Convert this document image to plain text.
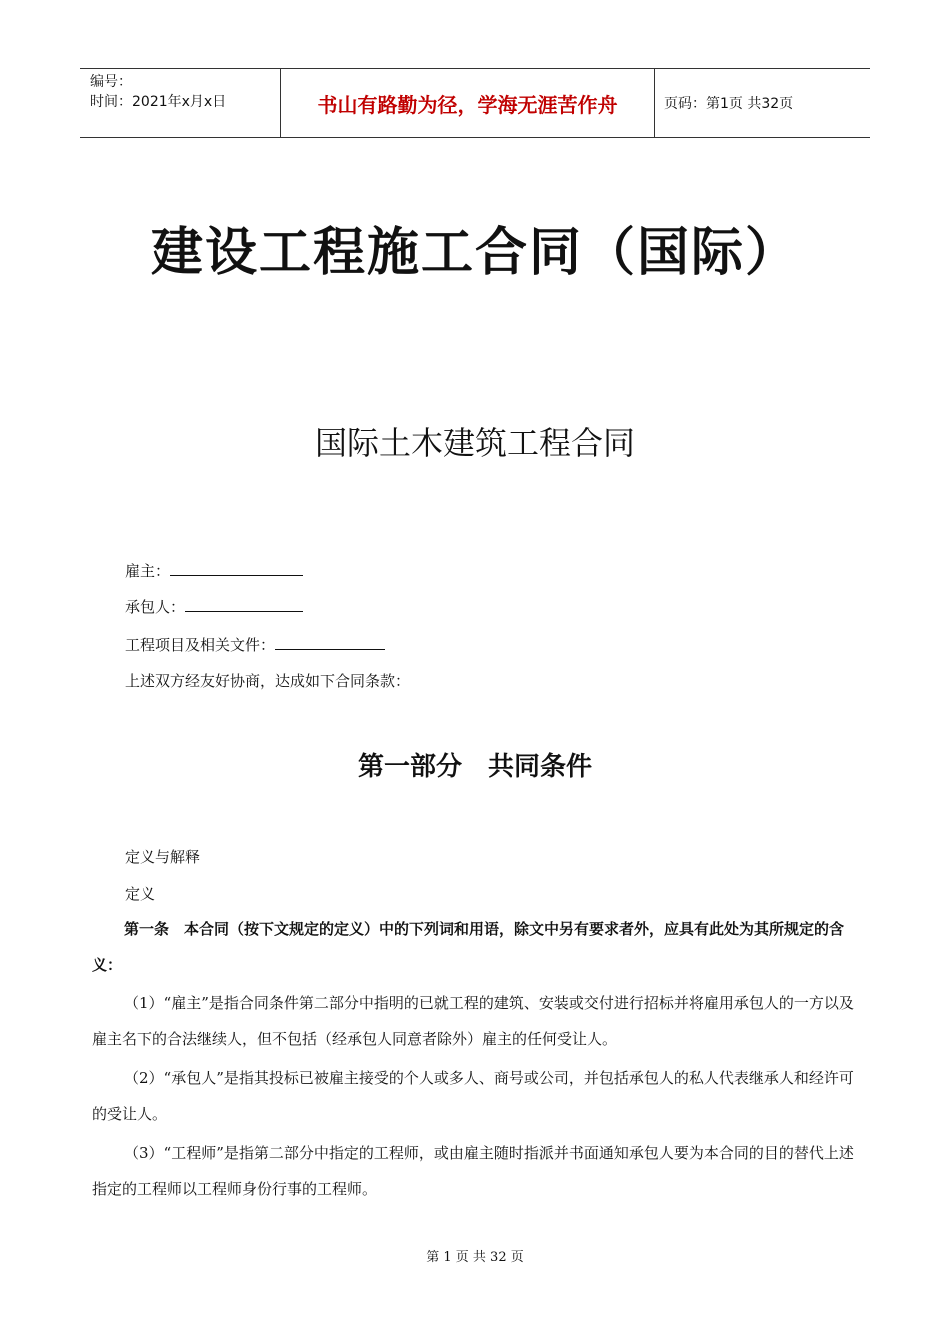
编号：
时间：2021年x月x日	书山有路勤为径，学海无涯苦作舟	页码：第1页 共32页
建设工程施工合同（国际）
国际土木建筑工程合同
雇主：
承包人：
工程项目及相关文件：
上述双方经友好协商，达成如下合同条款：
第一部分　共同条件
定义与解释
定义
第一条　本合同（按下文规定的定义）中的下列词和用语，除文中另有要求者外，应具有此处为其所规定的含义：
（1）“雇主”是指合同条件第二部分中指明的已就工程的建筑、安装或交付进行招标并将雇用承包人的一方以及雇主名下的合法继续人，但不包括（经承包人同意者除外）雇主的任何受让人。
（2）“承包人”是指其投标已被雇主接受的个人或多人、商号或公司，并包括承包人的私人代表继承人和经许可的受让人。
（3）“工程师”是指第二部分中指定的工程师，或由雇主随时指派并书面通知承包人要为本合同的目的替代上述指定的工程师以工程师身份行事的工程师。
第 1 页 共 32 页
